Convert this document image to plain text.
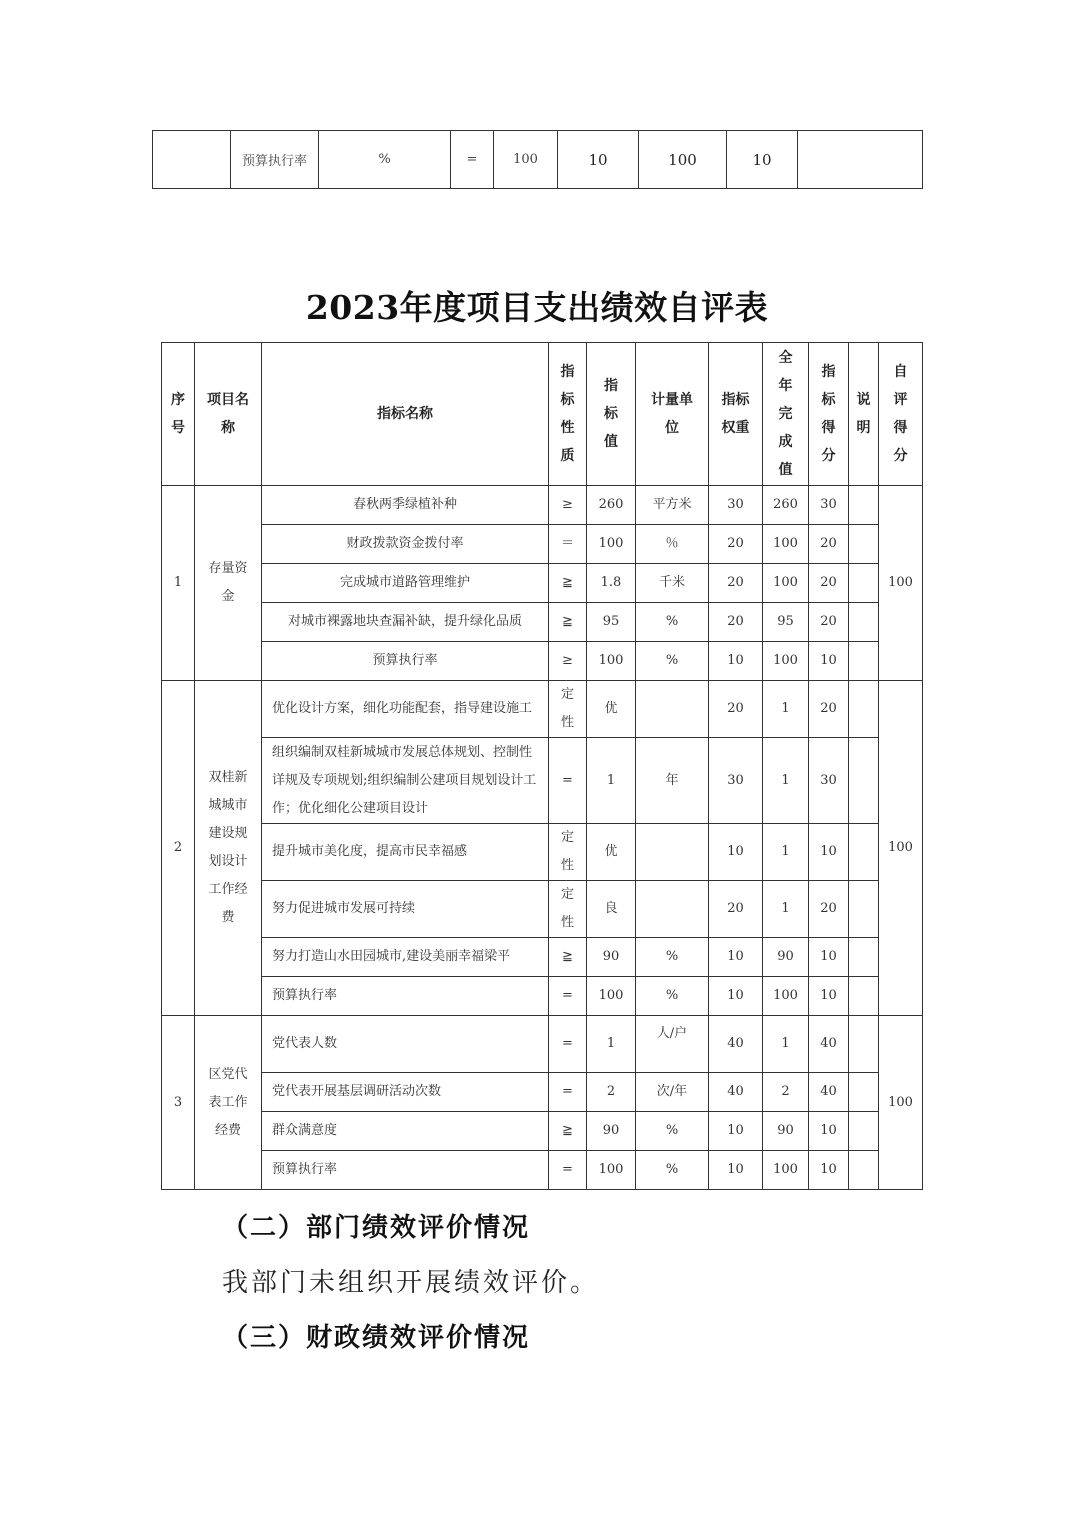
	预算执行率	%	=	100	10	100	10	
2023年度项目支出绩效自评表
序号	项目名称	指标名称	指标性质	指标值	计量单位	指标权重	全年完成值	指标得分	说明	自评得分
1	存量资金	春秋两季绿植补种	≥	260	平方米	30	260	30		100
		财政拨款资金拨付率	＝	100	％	20	100	20		
		完成城市道路管理维护	≧	1.8	千米	20	100	20		
		对城市裸露地块查漏补缺，提升绿化品质	≧	95	%	20	95	20		
		预算执行率	≥	100	%	10	100	10		
2	双桂新城城市建设规划设计工作经费	优化设计方案，细化功能配套，指导建设施工	定性	优		20	1	20		100
		组织编制双桂新城城市发展总体规划、控制性详规及专项规划;组织编制公建项目规划设计工作；优化细化公建项目设计	=	1	年	30	1	30		
		提升城市美化度，提高市民幸福感	定性	优		10	1	10		
		努力促进城市发展可持续	定性	良		20	1	20		
		努力打造山水田园城市,建设美丽幸福梁平	≧	90	%	10	90	10		
		预算执行率	=	100	%	10	100	10		
3	区党代表工作经费	党代表人数	=	1	人/户	40	1	40		100
		党代表开展基层调研活动次数	=	2	次/年	40	2	40		
		群众满意度	≧	90	%	10	90	10		
		预算执行率	=	100	%	10	100	10		
（二）部门绩效评价情况
我部门未组织开展绩效评价。
（三）财政绩效评价情况
